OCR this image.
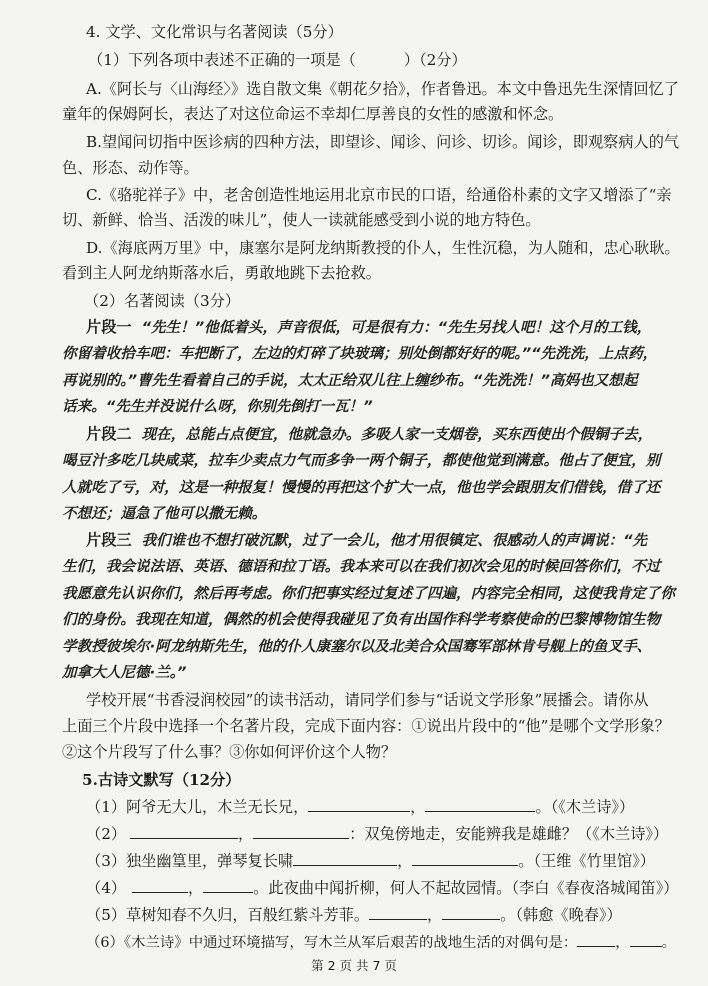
4. 文学、文化常识与名著阅读（5分）
（1）下列各项中表述不正确的一项是（	）（2分）
A.《阿长与〈山海经〉》选自散文集《朝花夕拾》，作者鲁迅。本文中鲁迅先生深情回忆了
童年的保姆阿长，表达了对这位命运不幸却仁厚善良的女性的感激和怀念。
B.望闻问切指中医诊病的四种方法，即望诊、闻诊、问诊、切诊。闻诊，即观察病人的气
色、形态、动作等。
C.《骆驼祥子》中，老舍创造性地运用北京市民的口语，给通俗朴素的文字又增添了“亲
切、新鲜、恰当、活泼的味儿”，使人一读就能感受到小说的地方特色。
D.《海底两万里》中，康塞尔是阿龙纳斯教授的仆人，生性沉稳，为人随和，忠心耿耿。
看到主人阿龙纳斯落水后，勇敢地跳下去抢救。
（2）名著阅读（3分）
片段一 “先生！”他低着头，声音很低，可是很有力：“先生另找人吧！这个月的工钱，
你留着收拾车吧：车把断了，左边的灯碎了块玻璃；别处倒都好好的呢。”“先洗洗，上点药，
再说别的。”曹先生看着自己的手说，太太正给双儿往上缠纱布。“先洗洗！”高妈也又想起
话来。“先生并没说什么呀，你别先倒打一瓦！”
片段二 现在，总能占点便宜，他就急办。多吸人家一支烟卷，买东西使出个假铜子去，
喝豆汁多吃几块咸菜，拉车少卖点力气而多争一两个铜子，都使他觉到满意。他占了便宜，别
人就吃了亏，对，这是一种报复！慢慢的再把这个扩大一点，他也学会跟朋友们借钱，借了还
不想还；逼急了他可以撒无赖。
片段三 我们谁也不想打破沉默，过了一会儿，他才用很镇定、很感动人的声调说：“先
生们，我会说法语、英语、德语和拉丁语。我本来可以在我们初次会见的时候回答你们，不过
我愿意先认识你们，然后再考虑。你们把事实经过复述了四遍，内容完全相同，这使我肯定了你
们的身份。我现在知道，偶然的机会使得我碰见了负有出国作科学考察使命的巴黎博物馆生物
学教授彼埃尔·阿龙纳斯先生，他的仆人康塞尔以及北美合众国骞军部林肯号舰上的鱼叉手、
加拿大人尼德·兰。”
学校开展“书香浸润校园”的读书活动，请同学们参与“话说文学形象”展播会。请你从
上面三个片段中选择一个名著片段，完成下面内容：①说出片段中的“他”是哪个文学形象？
②这个片段写了什么事？③你如何评价这个人物？
5.古诗文默写（12分）
（1）阿爷无大儿，木兰无长兄，	，	。（《木兰诗》）
（2）	，	：双兔傍地走，安能辨我是雄雌？（《木兰诗》）
（3）独坐幽篁里，弹琴复长啸	，	。（王维《竹里馆》）
（4）	，	。此夜曲中闻折柳，何人不起故园情。（李白《春夜洛城闻笛》）
（5）草树知春不久归，百般红紫斗芳菲。	，	。（韩愈《晚春》）
（6）《木兰诗》中通过环境描写，写木兰从军后艰苦的战地生活的对偶句是：	， 。
第 2 页 共 7 页
